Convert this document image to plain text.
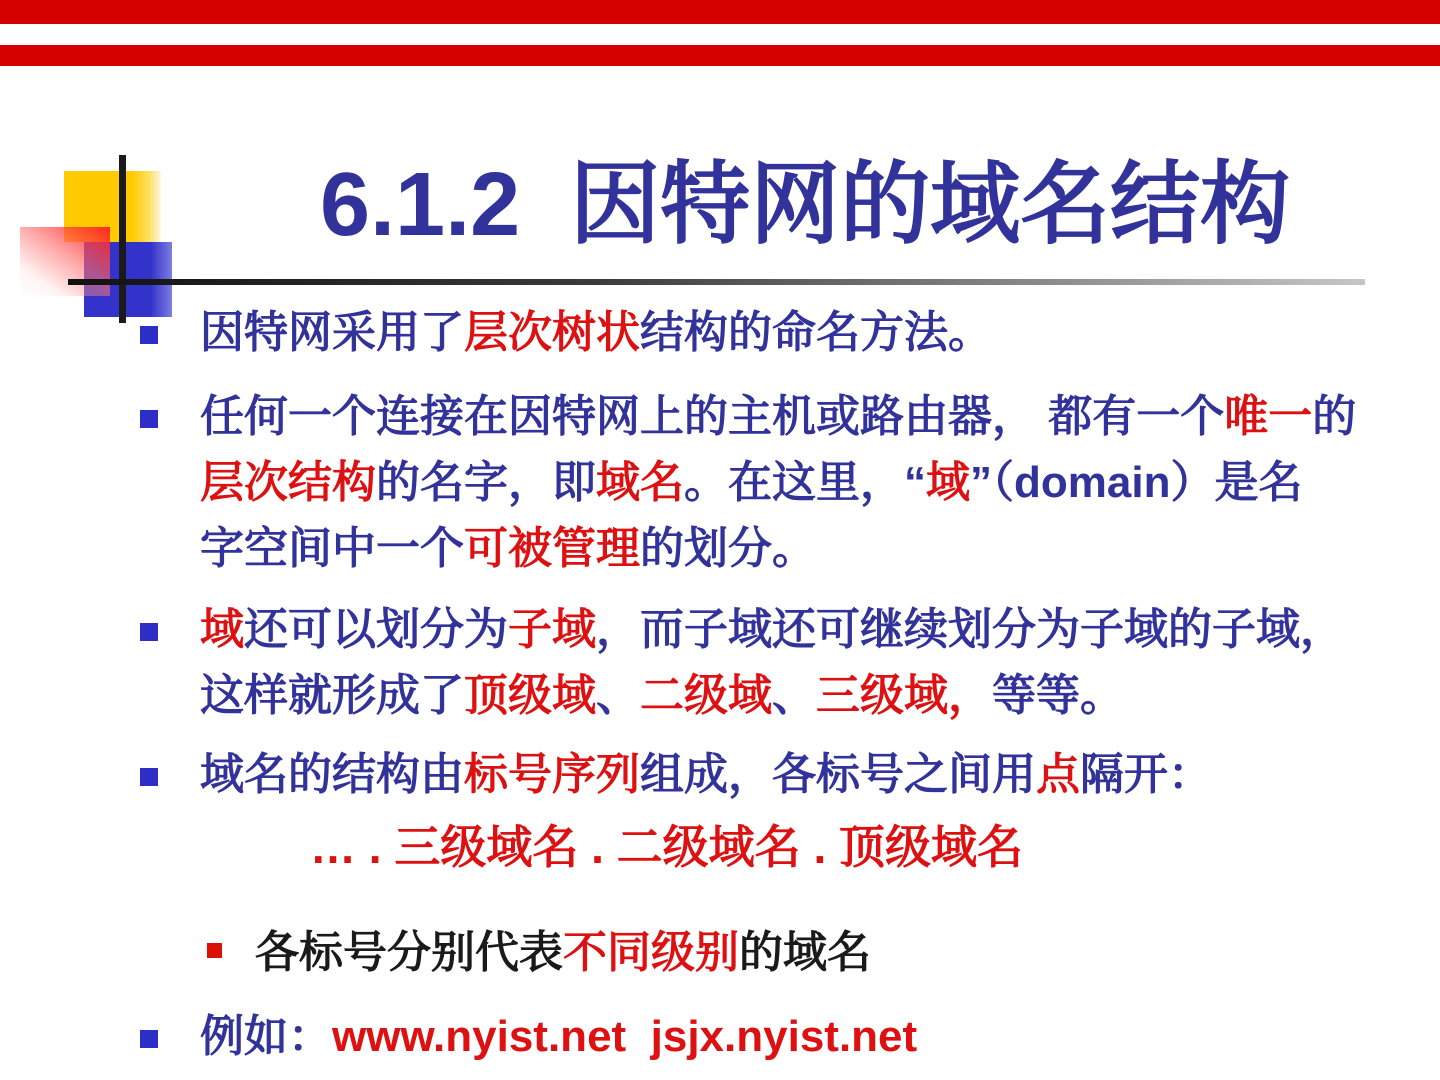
6.1.2  因特网的域名结构
因特网采用了层次树状结构的命名方法。
任何一个连接在因特网上的主机或路由器， 都有一个唯一的
层次结构的名字，即域名。在这里，“域”（domain）是名
字空间中一个可被管理的划分。
域还可以划分为子域，而子域还可继续划分为子域的子域，
这样就形成了顶级域、二级域、三级域，等等。
域名的结构由标号序列组成，各标号之间用点隔开：
… . 三级域名 . 二级域名 . 顶级域名
各标号分别代表不同级别的域名
例如：www.nyist.net  jsjx.nyist.net
